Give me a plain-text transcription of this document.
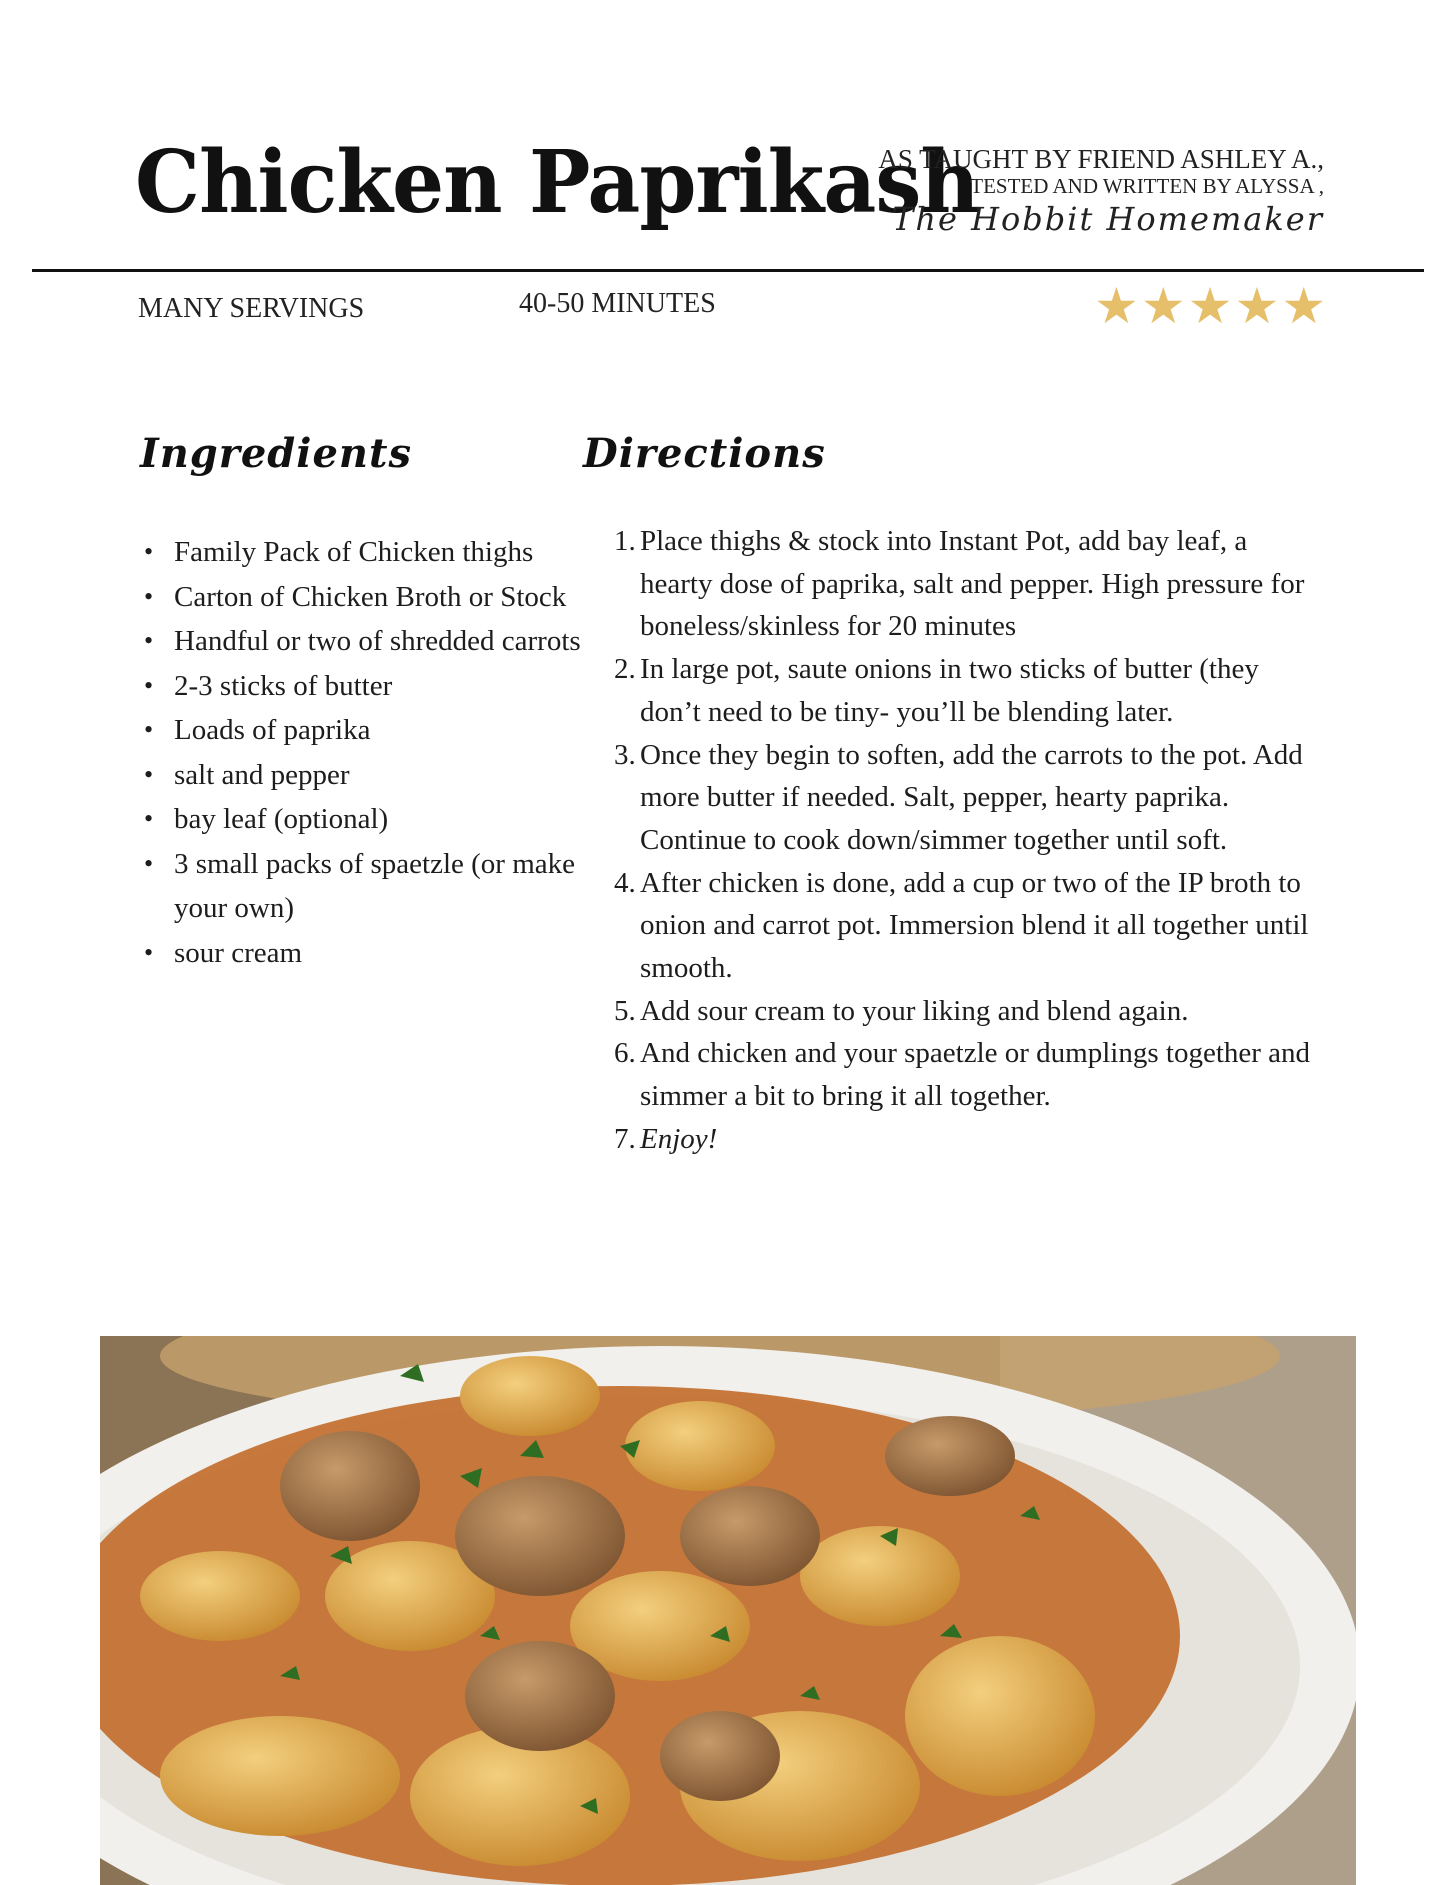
Chicken Paprikash
AS TAUGHT BY FRIEND ASHLEY A.,
TESTED AND WRITTEN BY ALYSSA ,
The Hobbit Homemaker
MANY SERVINGS	40-50 MINUTES	★ ★ ★ ★ ★
Ingredients	Directions
• Family Pack of Chicken thighs
• Carton of Chicken Broth or Stock
• Handful or two of shredded carrots
• 2-3 sticks of butter
• Loads of paprika
• salt and pepper
• bay leaf (optional)
• 3 small packs of spaetzle (or make your own)
• sour cream
1. Place thighs & stock into Instant Pot, add bay leaf, a hearty dose of paprika, salt and pepper. High pressure for boneless/skinless for 20 minutes
2. In large pot, saute onions in two sticks of butter (they don’t need to be tiny- you’ll be blending later.
3. Once they begin to soften, add the carrots to the pot. Add more butter if needed. Salt, pepper, hearty paprika. Continue to cook down/simmer together until soft.
4. After chicken is done, add a cup or two of the IP broth to onion and carrot pot. Immersion blend it all together until smooth.
5. Add sour cream to your liking and blend again.
6. And chicken and your spaetzle or dumplings together and simmer a bit to bring it all together.
7. Enjoy!
